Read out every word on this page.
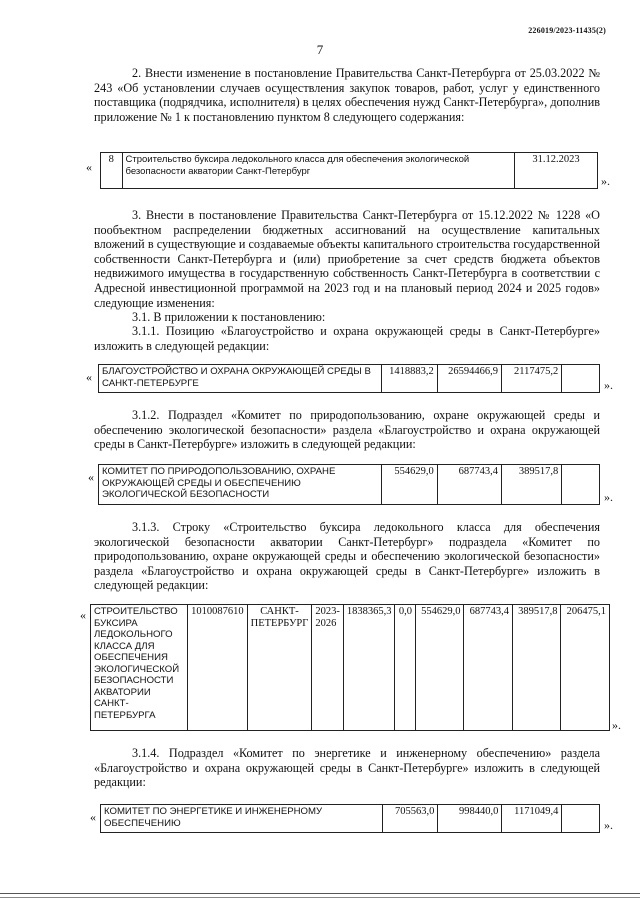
226019/2023-11435(2)
7
2. Внести изменение в постановление Правительства Санкт-Петербурга от 25.03.2022 № 243 «Об установлении случаев осуществления закупок товаров, работ, услуг у единственного поставщика (подрядчика, исполнителя) в целях обеспечения нужд Санкт-Петербурга», дополнив приложение № 1 к постановлению пунктом 8 следующего содержания:
«
8	Строительство буксира ледокольного класса для обеспечения экологической безопасности акватории Санкт-Петербург	31.12.2023
».
3. Внести в постановление Правительства Санкт-Петербурга от 15.12.2022 № 1228 «О пообъектном распределении бюджетных ассигнований на осуществление капитальных вложений в существующие и создаваемые объекты капитального строительства государственной собственности Санкт-Петербурга и (или) приобретение за счет средств бюджета объектов недвижимого имущества в государственную собственность Санкт-Петербурга в соответствии с Адресной инвестиционной программой на 2023 год и на плановый период 2024 и 2025 годов» следующие изменения:
3.1. В приложении к постановлению:
3.1.1. Позицию «Благоустройство и охрана окружающей среды в Санкт-Петербурге» изложить в следующей редакции:
« БЛАГОУСТРОЙСТВО И ОХРАНА ОКРУЖАЮЩЕЙ СРЕДЫ В САНКТ-ПЕТЕРБУРГЕ	1418883,2	26594466,9	2117475,2	
».
3.1.2. Подраздел «Комитет по природопользованию, охране окружающей среды и обеспечению экологической безопасности» раздела «Благоустройство и охрана окружающей среды в Санкт-Петербурге» изложить в следующей редакции:
« КОМИТЕТ ПО ПРИРОДОПОЛЬЗОВАНИЮ, ОХРАНЕ ОКРУЖАЮЩЕЙ СРЕДЫ И ОБЕСПЕЧЕНИЮ ЭКОЛОГИЧЕСКОЙ БЕЗОПАСНОСТИ	554629,0	687743,4	389517,8	
».
3.1.3. Строку «Строительство буксира ледокольного класса для обеспечения экологической безопасности акватории Санкт-Петербург» подраздела «Комитет по природопользованию, охране окружающей среды и обеспечению экологической безопасности» раздела «Благоустройство и охрана окружающей среды в Санкт-Петербурге» изложить в следующей редакции:
« СТРОИТЕЛЬСТВО БУКСИРА ЛЕДОКОЛЬНОГО КЛАССА ДЛЯ ОБЕСПЕЧЕНИЯ ЭКОЛОГИЧЕСКОЙ БЕЗОПАСНОСТИ АКВАТОРИИ САНКТ-ПЕТЕРБУРГА	1010087610	САНКТ-ПЕТЕРБУРГ	2023-2026	1838365,3	0,0	554629,0	687743,4	389517,8	206475,1
».
3.1.4. Подраздел «Комитет по энергетике и инженерному обеспечению» раздела «Благоустройство и охрана окружающей среды в Санкт-Петербурге» изложить в следующей редакции:
« КОМИТЕТ ПО ЭНЕРГЕТИКЕ И ИНЖЕНЕРНОМУ ОБЕСПЕЧЕНИЮ	705563,0	998440,0	1171049,4	
».
